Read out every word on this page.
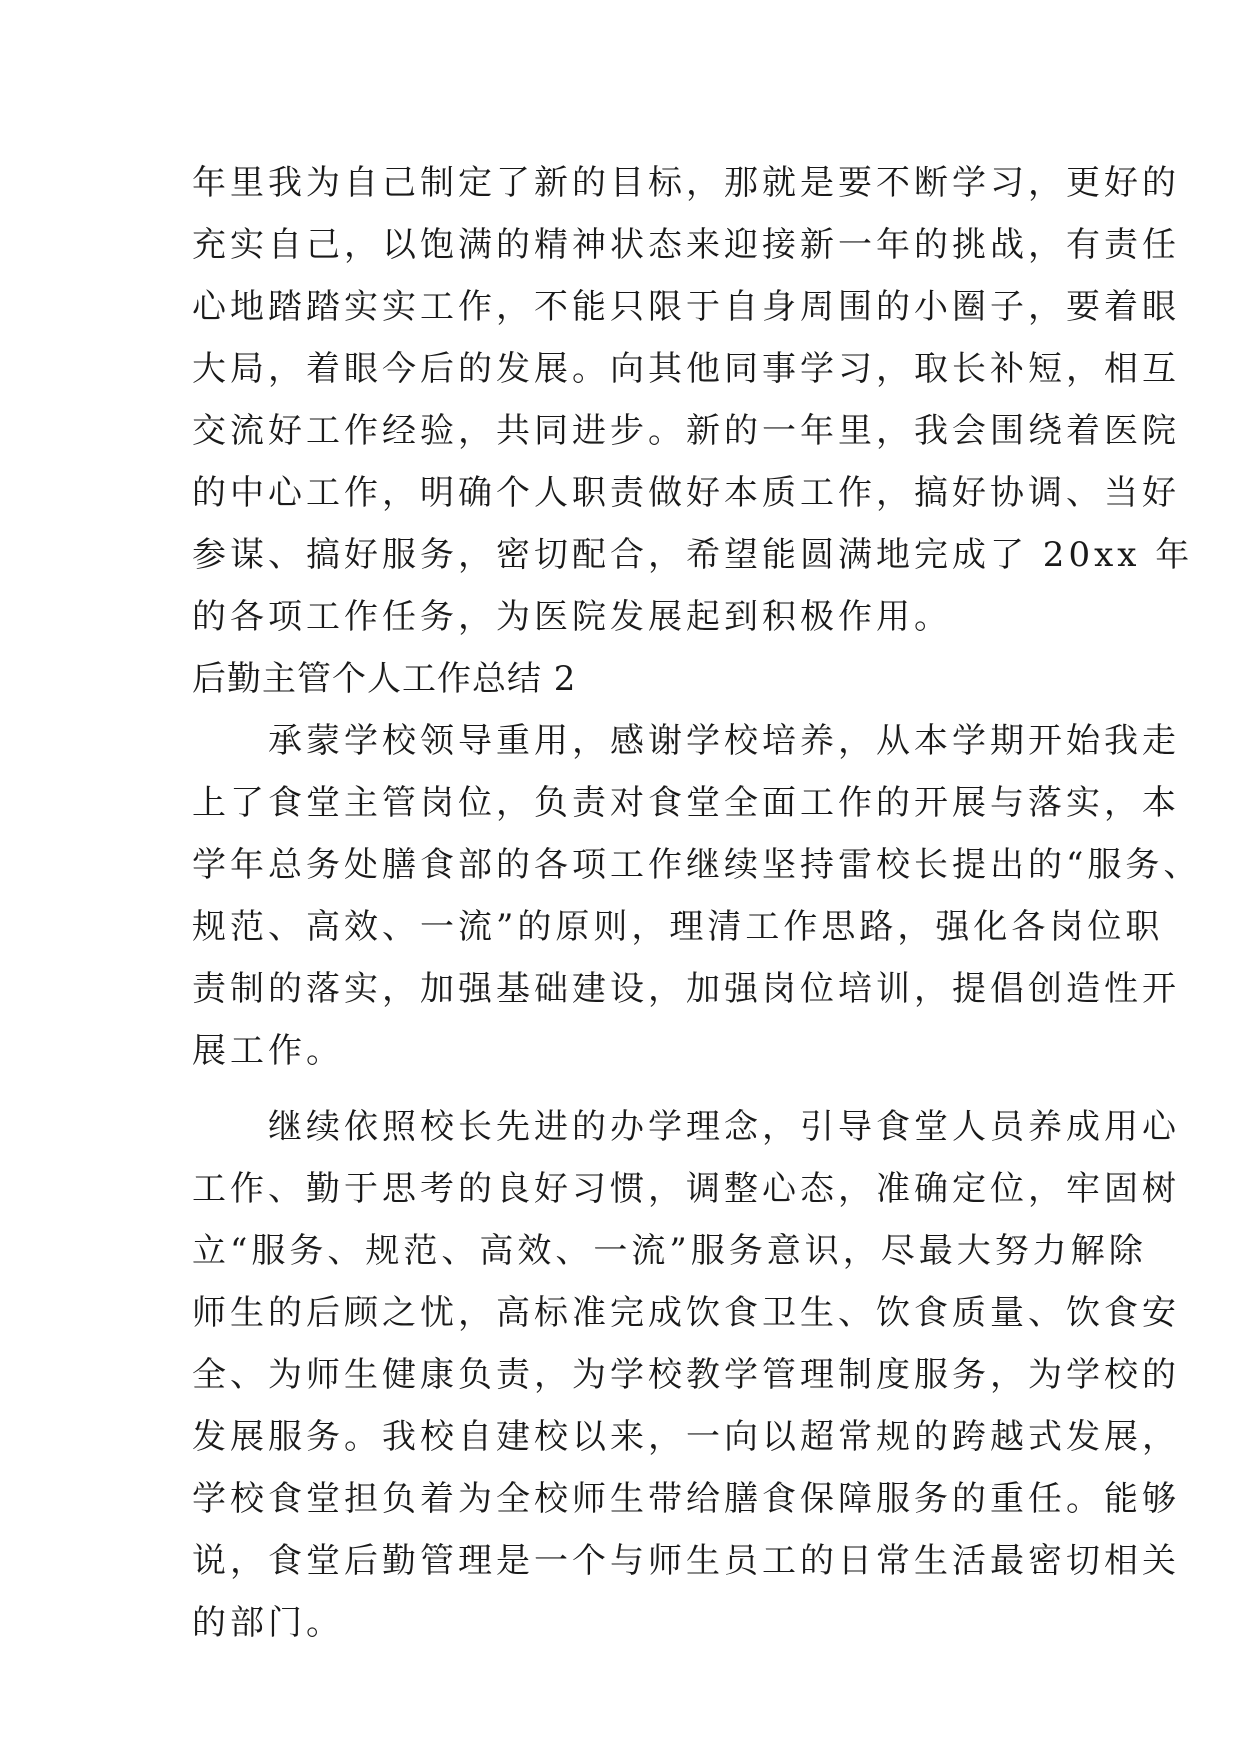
年里我为自己制定了新的目标，那就是要不断学习，更好的
充实自己，以饱满的精神状态来迎接新一年的挑战，有责任
心地踏踏实实工作，不能只限于自身周围的小圈子，要着眼
大局，着眼今后的发展。向其他同事学习，取长补短，相互
交流好工作经验，共同进步。新的一年里，我会围绕着医院
的中心工作，明确个人职责做好本质工作，搞好协调、当好
参谋、搞好服务，密切配合，希望能圆满地完成了 20xx 年
的各项工作任务，为医院发展起到积极作用。
后勤主管个人工作总结 2
　　承蒙学校领导重用，感谢学校培养，从本学期开始我走
上了食堂主管岗位，负责对食堂全面工作的开展与落实，本
学年总务处膳食部的各项工作继续坚持雷校长提出的“服务、
规范、高效、一流”的原则，理清工作思路，强化各岗位职
责制的落实，加强基础建设，加强岗位培训，提倡创造性开
展工作。
　　继续依照校长先进的办学理念，引导食堂人员养成用心
工作、勤于思考的良好习惯，调整心态，准确定位，牢固树
立“服务、规范、高效、一流”服务意识，尽最大努力解除
师生的后顾之忧，高标准完成饮食卫生、饮食质量、饮食安
全、为师生健康负责，为学校教学管理制度服务，为学校的
发展服务。我校自建校以来，一向以超常规的跨越式发展，
学校食堂担负着为全校师生带给膳食保障服务的重任。能够
说，食堂后勤管理是一个与师生员工的日常生活最密切相关
的部门。
